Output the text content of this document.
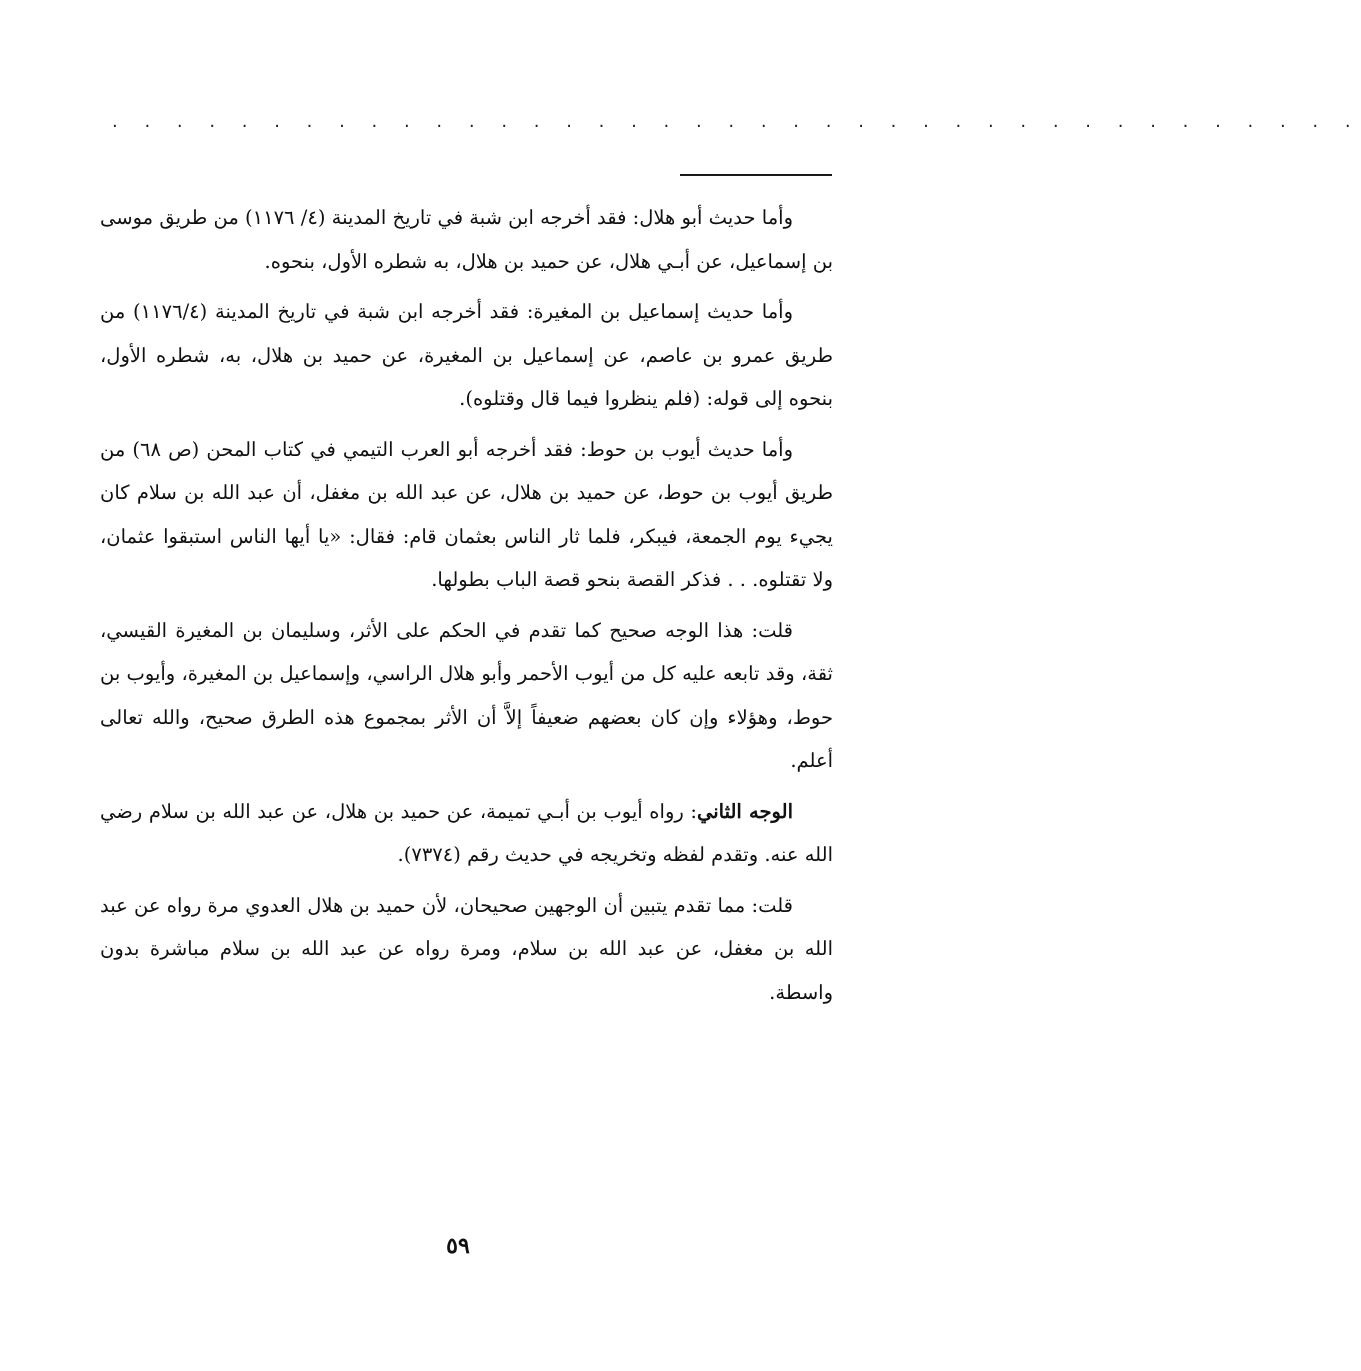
. . . . . . . . . . . . . . . . . . . . . . . . . . . . . . . . . . . . . . .

وأما حديث أبو هلال: فقد أخرجه ابن شبة في تاريخ المدينة (٤/ ١١٧٦) من طريق موسى بن إسماعيل، عن أبـي هلال، عن حميد بن هلال، به شطره الأول، بنحوه.

وأما حديث إسماعيل بن المغيرة: فقد أخرجه ابن شبة في تاريخ المدينة (١١٧٦/٤) من طريق عمرو بن عاصم، عن إسماعيل بن المغيرة، عن حميد بن هلال، به، شطره الأول، بنحوه إلى قوله: (فلم ينظروا فيما قال وقتلوه).

وأما حديث أيوب بن حوط: فقد أخرجه أبو العرب التيمي في كتاب المحن (ص ٦٨) من طريق أيوب بن حوط، عن حميد بن هلال، عن عبد الله بن مغفل، أن عبد الله بن سلام كان يجيء يوم الجمعة، فيبكر، فلما ثار الناس بعثمان قام: فقال: «يا أيها الناس استبقوا عثمان، ولا تقتلوه. . . فذكر القصة بنحو قصة الباب بطولها.

قلت: هذا الوجه صحيح كما تقدم في الحكم على الأثر، وسليمان بن المغيرة القيسي، ثقة، وقد تابعه عليه كل من أيوب الأحمر وأبو هلال الراسي، وإسماعيل بن المغيرة، وأيوب بن حوط، وهؤلاء وإن كان بعضهم ضعيفاً إلاَّ أن الأثر بمجموع هذه الطرق صحيح، والله تعالى أعلم.

الوجه الثاني: رواه أيوب بن أبـي تميمة، عن حميد بن هلال، عن عبد الله بن سلام رضي الله عنه. وتقدم لفظه وتخريجه في حديث رقم (٧٣٧٤).

قلت: مما تقدم يتبين أن الوجهين صحيحان، لأن حميد بن هلال العدوي مرة رواه عن عبد الله بن مغفل، عن عبد الله بن سلام، ومرة رواه عن عبد الله بن سلام مباشرة بدون واسطة.

٥٩
